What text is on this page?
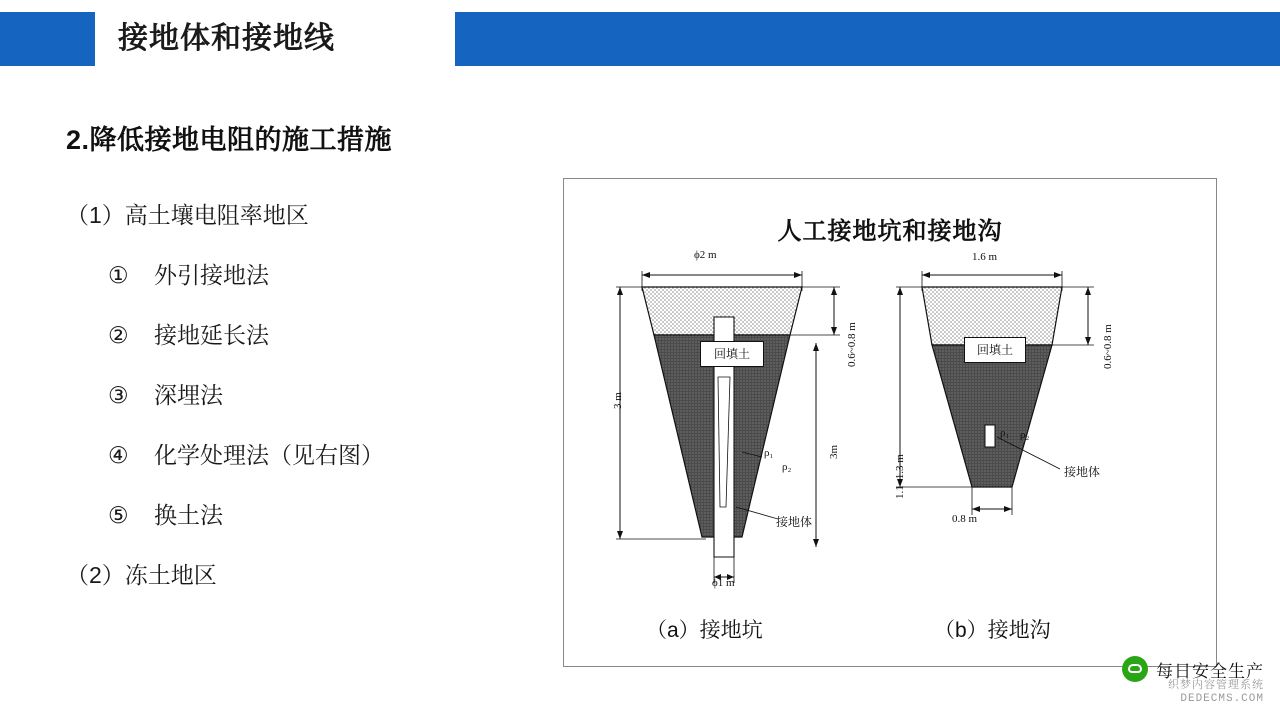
接地体和接地线
2.降低接地电阻的施工措施
（1）高土壤电阻率地区
① 外引接地法
② 接地延长法
③ 深埋法
④ 化学处理法（见右图）
⑤ 换土法
（2）冻土地区
人工接地坑和接地沟
ϕ2 m
ϕ1 m
3 m
3m
0.6~0.8 m
回填土
ρ₁
ρ₂
接地体
1.6 m
0.8 m
1.1~1.3 m
0.6~0.8 m
回填土
ρ₁ ρ₂
接地体
（a）接地坑	（b）接地沟
每日安全生产
织梦内容管理系统
DEDECMS.COM
